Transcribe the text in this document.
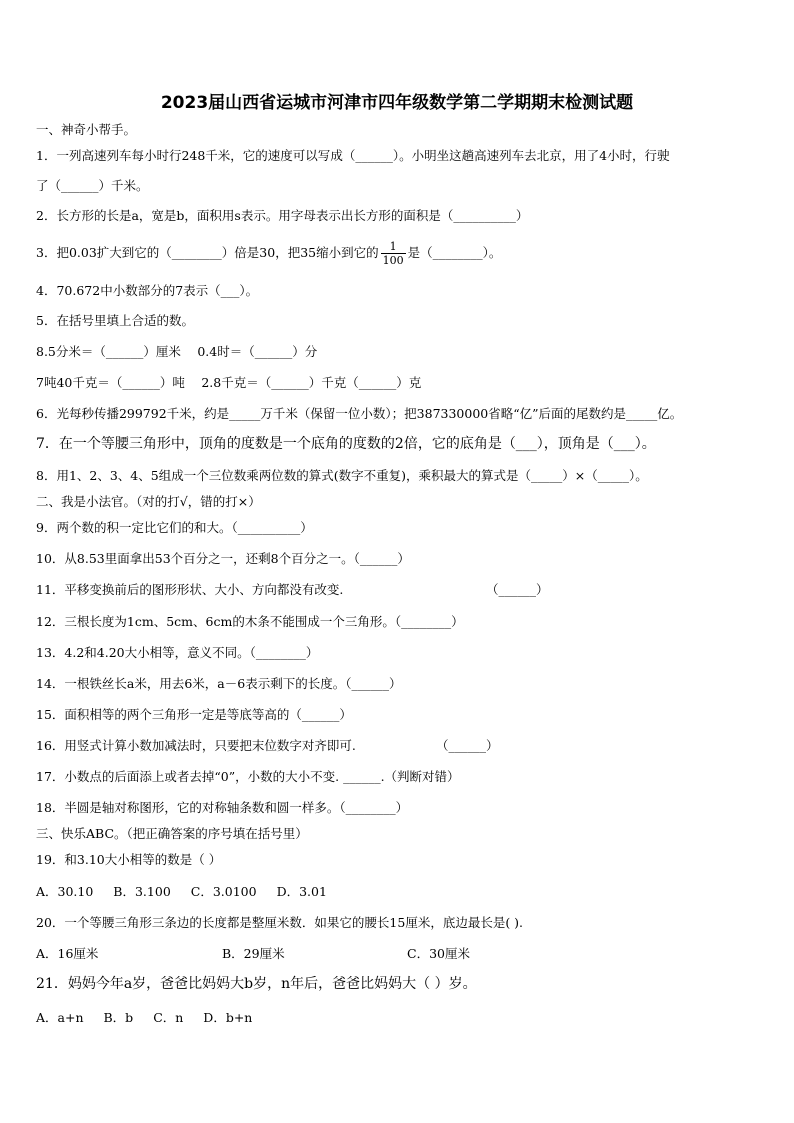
2023届山西省运城市河津市四年级数学第二学期期末检测试题
一、神奇小帮手。
1．一列高速列车每小时行248千米，它的速度可以写成（______）。小明坐这趟高速列车去北京，用了4小时，行驶
了（______）千米。
2．长方形的长是a，宽是b，面积用s表示。用字母表示出长方形的面积是（__________）
3．把0.03扩大到它的（________）倍是30，把35缩小到它的 $\frac{1}{100}$ 是（________）。
4．70.672中小数部分的7表示（___）。
5．在括号里填上合适的数。
8.5分米＝（______）厘米　 0.4时＝（______）分
7吨40千克＝（______）吨　 2.8千克＝（______）千克（______）克
6．光每秒传播299792千米，约是_____万千米（保留一位小数）；把387330000省略“亿”后面的尾数约是_____亿。
7．在一个等腰三角形中，顶角的度数是一个底角的度数的2倍，它的底角是（___），顶角是（___）。
8．用1、2、3、4、5组成一个三位数乘两位数的算式(数字不重复)，乘积最大的算式是（_____）×（_____）。
二、我是小法官。（对的打√，错的打×）
9．两个数的积一定比它们的和大。（__________）
10．从8.53里面拿出53个百分之一，还剩8个百分之一。（______）
11．平移变换前后的图形形状、大小、方向都没有改变.	（______）
12．三根长度为1cm、5cm、6cm的木条不能围成一个三角形。（________）
13．4.2和4.20大小相等，意义不同。（________）
14．一根铁丝长a米，用去6米，a－6表示剩下的长度。（______）
15．面积相等的两个三角形一定是等底等高的（______）
16．用竖式计算小数加减法时，只要把末位数字对齐即可.	（______）
17．小数点的后面添上或者去掉“0”，小数的大小不变. ______.（判断对错）
18．半圆是轴对称图形，它的对称轴条数和圆一样多。（________）
三、快乐ABC。（把正确答案的序号填在括号里）
19．和3.10大小相等的数是（ ）
A．30.10 B．3.100 C．3.0100 D．3.01
20．一个等腰三角形三条边的长度都是整厘米数．如果它的腰长15厘米，底边最长是( ).
A．16厘米	B．29厘米	C．30厘米
21．妈妈今年a岁，爸爸比妈妈大b岁，n年后，爸爸比妈妈大（ ）岁。
A．a+n B．b C．n D．b+n
